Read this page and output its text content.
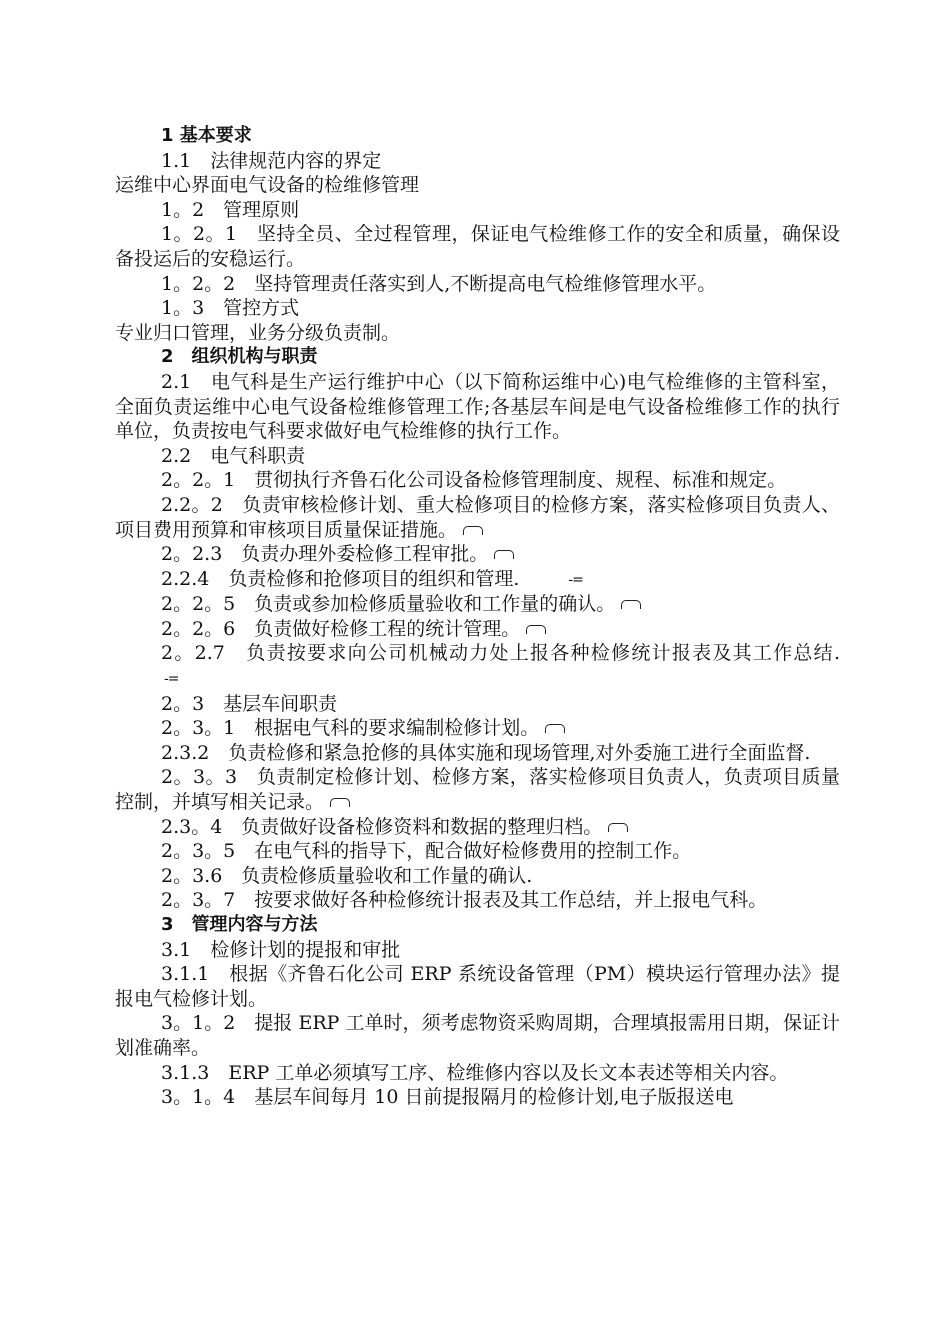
1 基本要求

1.1　法律规范内容的界定

运维中心界面电气设备的检维修管理

1。2　管理原则

1。2。1　坚持全员、全过程管理，保证电气检维修工作的安全和质量，确保设备投运后的安稳运行。

1。2。2　坚持管理责任落实到人,不断提高电气检维修管理水平。

1。3　管控方式

专业归口管理，业务分级负责制。

2　组织机构与职责

2.1　电气科是生产运行维护中心（以下简称运维中心)电气检维修的主管科室，全面负责运维中心电气设备检维修管理工作;各基层车间是电气设备检维修工作的执行单位，负责按电气科要求做好电气检维修的执行工作。

2.2　电气科职责

2。2。1　贯彻执行齐鲁石化公司设备检修管理制度、规程、标准和规定。

2.2。2　负责审核检修计划、重大检修项目的检修方案，落实检修项目负责人、项目费用预算和审核项目质量保证措施。

2。2.3　负责办理外委检修工程审批。

2.2.4　负责检修和抢修项目的组织和管理.	-=

2。2。5　负责或参加检修质量验收和工作量的确认。

2。2。6　负责做好检修工程的统计管理。

2。2.7　负责按要求向公司机械动力处上报各种检修统计报表及其工作总结.-=

2。3　基层车间职责

2。3。1　根据电气科的要求编制检修计划。

2.3.2　负责检修和紧急抢修的具体实施和现场管理,对外委施工进行全面监督.

2。3。3　负责制定检修计划、检修方案，落实检修项目负责人，负责项目质量控制，并填写相关记录。

2.3。4　负责做好设备检修资料和数据的整理归档。

2。3。5　在电气科的指导下，配合做好检修费用的控制工作。

2。3.6　负责检修质量验收和工作量的确认.

2。3。7　按要求做好各种检修统计报表及其工作总结，并上报电气科。

3　管理内容与方法

3.1　检修计划的提报和审批

3.1.1　根据《齐鲁石化公司 ERP 系统设备管理（PM）模块运行管理办法》提报电气检修计划。

3。1。2　提报 ERP 工单时，须考虑物资采购周期，合理填报需用日期，保证计划准确率。

3.1.3　ERP 工单必须填写工序、检维修内容以及长文本表述等相关内容。

3。1。4　基层车间每月 10 日前提报隔月的检修计划,电子版报送电
